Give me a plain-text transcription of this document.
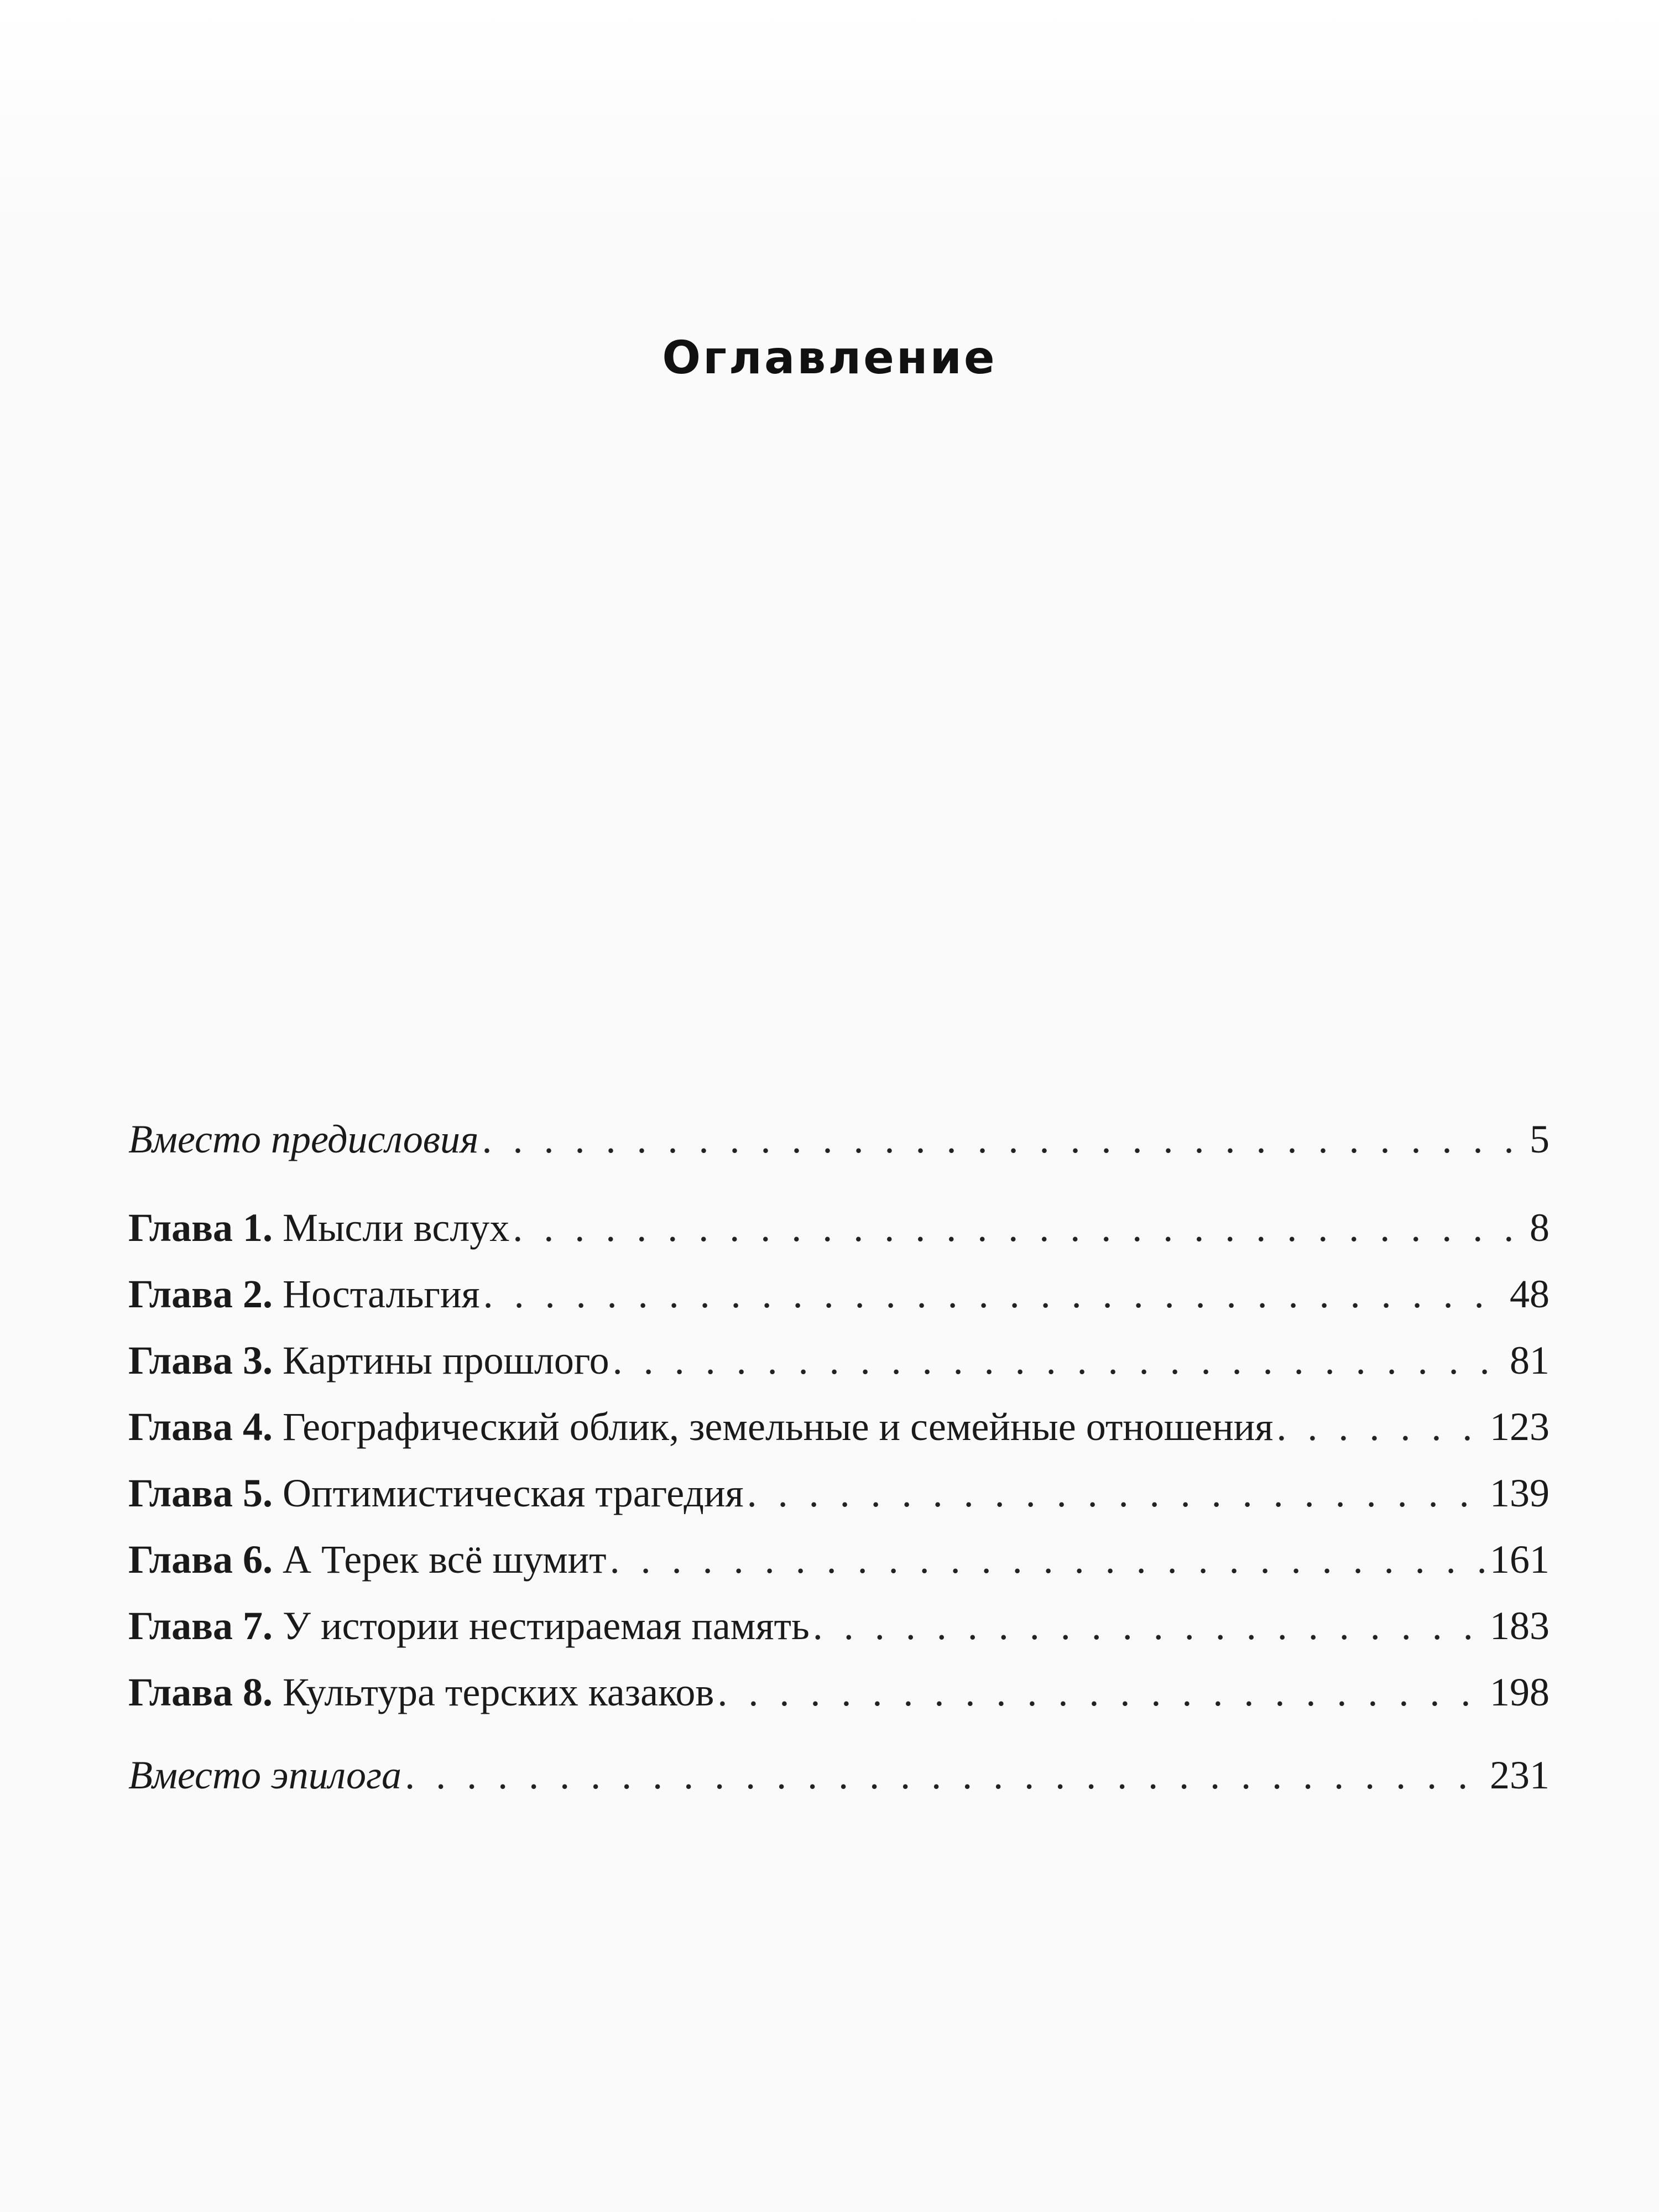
Оглавление
Вместо предисловия . . .	5
Глава 1. Мысли вслух . . .	8
Глава 2. Ностальгия . . .	48
Глава 3. Картины прошлого . . .	81
Глава 4. Географический облик, земельные и семейные отношения . . .	123
Глава 5. Оптимистическая трагедия . . .	139
Глава 6. А Терек всё шумит . . .	161
Глава 7. У истории нестираемая память . . .	183
Глава 8. Культура терских казаков . . .	198
Вместо эпилога . . .	231
